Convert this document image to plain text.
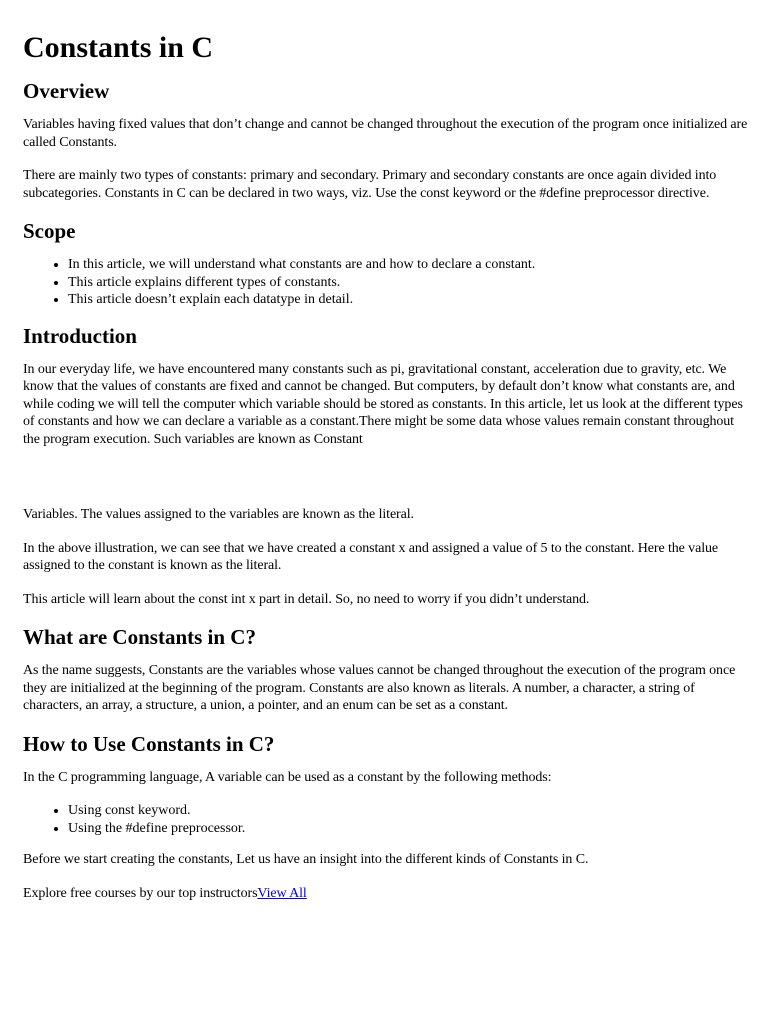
Constants in C
Overview

Variables having fixed values that don’t change and cannot be changed throughout the execution of the program once initialized are called Constants.

There are mainly two types of constants: primary and secondary. Primary and secondary constants are once again divided into subcategories. Constants in C can be declared in two ways, viz. Use the const keyword or the #define preprocessor directive.

Scope
• In this article, we will understand what constants are and how to declare a constant.
• This article explains different types of constants.
• This article doesn’t explain each datatype in detail.
Introduction

In our everyday life, we have encountered many constants such as pi, gravitational constant, acceleration due to gravity, etc. We know that the values of constants are fixed and cannot be changed. But computers, by default don’t know what constants are, and while coding we will tell the computer which variable should be stored as constants. In this article, let us look at the different types of constants and how we can declare a variable as a constant.There might be some data whose values remain constant throughout the program execution. Such variables are known as Constant

Variables. The values assigned to the variables are known as the literal.

In the above illustration, we can see that we have created a constant x and assigned a value of 5 to the constant. Here the value assigned to the constant is known as the literal.

This article will learn about the const int x part in detail. So, no need to worry if you didn’t understand.

What are Constants in C?

As the name suggests, Constants are the variables whose values cannot be changed throughout the execution of the program once they are initialized at the beginning of the program. Constants are also known as literals. A number, a character, a string of characters, an array, a structure, a union, a pointer, and an enum can be set as a constant.

How to Use Constants in C?

In the C programming language, A variable can be used as a constant by the following methods:

• Using const keyword.
• Using the #define preprocessor.

Before we start creating the constants, Let us have an insight into the different kinds of Constants in C.

Explore free courses by our top instructorsView All
